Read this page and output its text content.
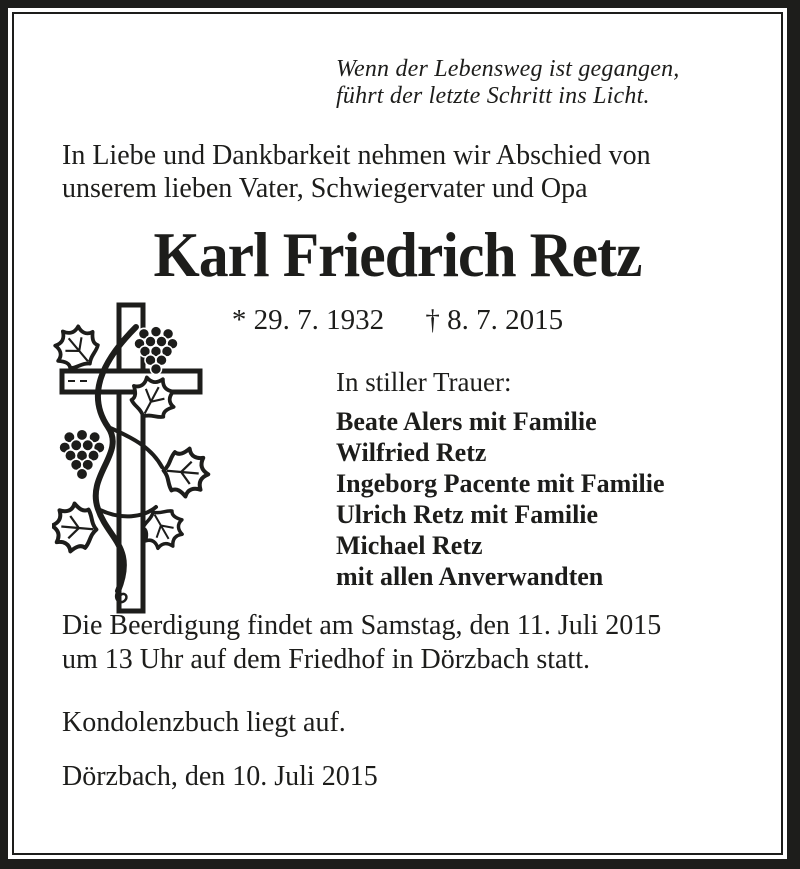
Wenn der Lebensweg ist gegangen,
führt der letzte Schritt ins Licht.

In Liebe und Dankbarkeit nehmen wir Abschied von
unserem lieben Vater, Schwiegervater und Opa

Karl Friedrich Retz
* 29. 7. 1932 † 8. 7. 2015
In stiller Trauer:
Beate Alers mit Familie
Wilfried Retz
Ingeborg Pacente mit Familie
Ulrich Retz mit Familie
Michael Retz
mit allen Anverwandten

Die Beerdigung findet am Samstag, den 11. Juli 2015
um 13 Uhr auf dem Friedhof in Dörzbach statt.

Kondolenzbuch liegt auf.

Dörzbach, den 10. Juli 2015
